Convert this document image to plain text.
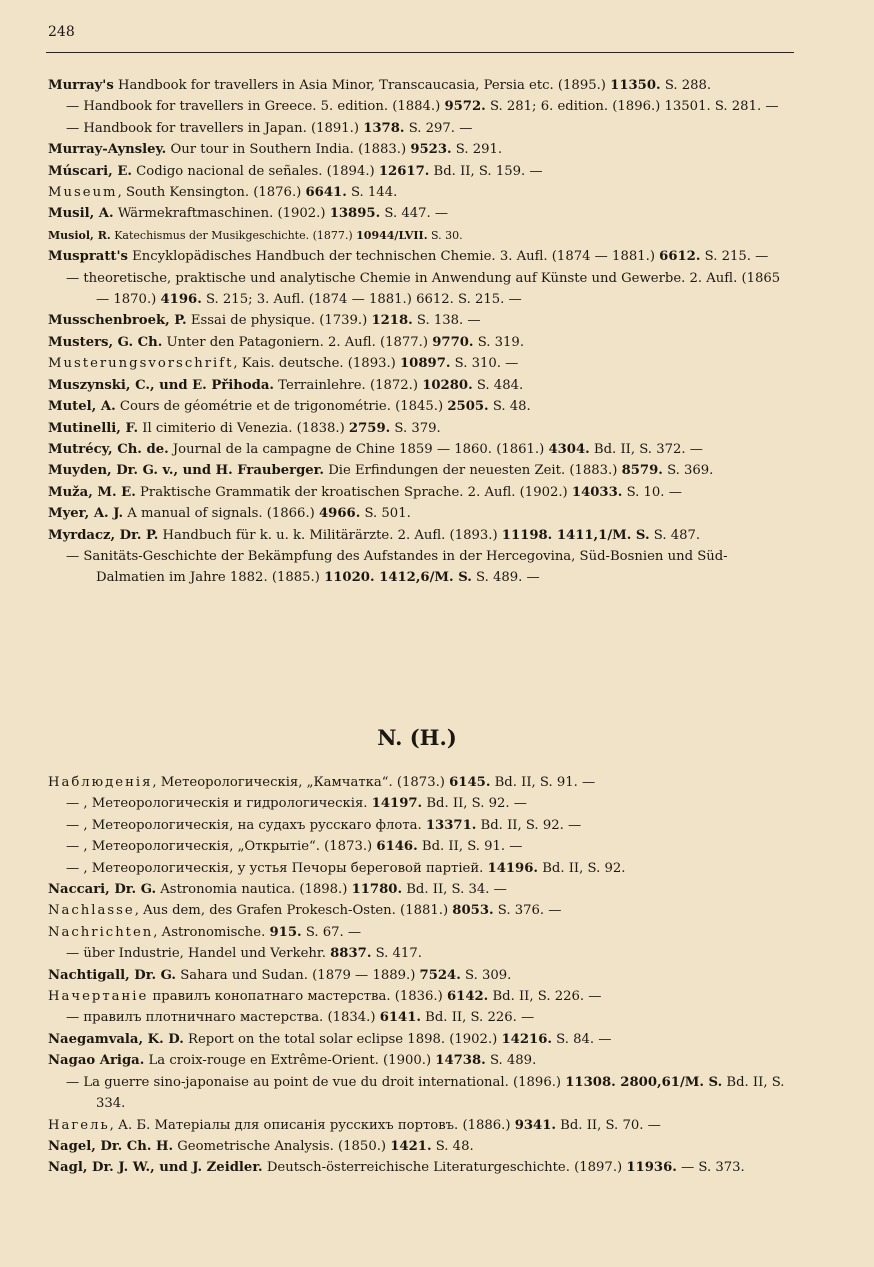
248
Murray's Handbook for travellers in Asia Minor, Transcaucasia, Persia etc. (1895.) 11350. S. 288.
— Handbook for travellers in Greece. 5. edition. (1884.) 9572. S. 281; 6. edition. (1896.) 13501. S. 281. —
— Handbook for travellers in Japan. (1891.) 1378. S. 297. —
Murray-Aynsley. Our tour in Southern India. (1883.) 9523. S. 291.
Múscari, E. Codigo nacional de señales. (1894.) 12617. Bd. II, S. 159. —
Museum, South Kensington. (1876.) 6641. S. 144.
Musil, A. Wärmekraftmaschinen. (1902.) 13895. S. 447. —
Musiol, R. Katechismus der Musikgeschichte. (1877.) 10944/LVII. S. 30.
Muspratt's Encyklopädisches Handbuch der technischen Chemie. 3. Aufl. (1874 — 1881.) 6612. S. 215. —
— theoretische, praktische und analytische Chemie in Anwendung auf Künste und Gewerbe. 2. Aufl. (1865 — 1870.) 4196. S. 215; 3. Aufl. (1874 — 1881.) 6612. S. 215. —
Musschenbroek, P. Essai de physique. (1739.) 1218. S. 138. —
Musters, G. Ch. Unter den Patagoniern. 2. Aufl. (1877.) 9770. S. 319.
Musterungsvorschrift, Kais. deutsche. (1893.) 10897. S. 310. —
Muszynski, C., und E. Přihoda. Terrainlehre. (1872.) 10280. S. 484.
Mutel, A. Cours de géométrie et de trigonométrie. (1845.) 2505. S. 48.
Mutinelli, F. Il cimiterio di Venezia. (1838.) 2759. S. 379.
Mutrécy, Ch. de. Journal de la campagne de Chine 1859 — 1860. (1861.) 4304. Bd. II, S. 372. —
Muyden, Dr. G. v., und H. Frauberger. Die Erfindungen der neuesten Zeit. (1883.) 8579. S. 369.
Muža, M. E. Praktische Grammatik der kroatischen Sprache. 2. Aufl. (1902.) 14033. S. 10. —
Myer, A. J. A manual of signals. (1866.) 4966. S. 501.
Myrdacz, Dr. P. Handbuch für k. u. k. Militärärzte. 2. Aufl. (1893.) 11198. 1411,1/M. S. S. 487.
— Sanitäts-Geschichte der Bekämpfung des Aufstandes in der Hercegovina, Süd-Bosnien und Süd-Dalmatien im Jahre 1882. (1885.) 11020. 1412,6/M. S. S. 489. —
N. (H.)
Наблюденія, Метеорологическія, „Камчатка“. (1873.) 6145. Bd. II, S. 91. —
— , Метеорологическія и гидрологическія. 14197. Bd. II, S. 92. —
— , Метеорологическія, на судахъ русскаго флота. 13371. Bd. II, S. 92. —
— , Метеорологическія, „Открытіе“. (1873.) 6146. Bd. II, S. 91. —
— , Метеорологическія, у устья Печоры береговой партіей. 14196. Bd. II, S. 92.
Naccari, Dr. G. Astronomia nautica. (1898.) 11780. Bd. II, S. 34. —
Nachlasse, Aus dem, des Grafen Prokesch-Osten. (1881.) 8053. S. 376. —
Nachrichten, Astronomische. 915. S. 67. —
— über Industrie, Handel und Verkehr. 8837. S. 417.
Nachtigall, Dr. G. Sahara und Sudan. (1879 — 1889.) 7524. S. 309.
Начертаніе правилъ конопатнаго мастерства. (1836.) 6142. Bd. II, S. 226. —
— правилъ плотничнаго мастерства. (1834.) 6141. Bd. II, S. 226. —
Naegamvala, K. D. Report on the total solar eclipse 1898. (1902.) 14216. S. 84. —
Nagao Ariga. La croix-rouge en Extrême-Orient. (1900.) 14738. S. 489.
— La guerre sino-japonaise au point de vue du droit international. (1896.) 11308. 2800,61/M. S. Bd. II, S. 334.
Нагель, А. Б. Матеріалы для описанія русскихъ портовъ. (1886.) 9341. Bd. II, S. 70. —
Nagel, Dr. Ch. H. Geometrische Analysis. (1850.) 1421. S. 48.
Nagl, Dr. J. W., und J. Zeidler. Deutsch-österreichische Literaturgeschichte. (1897.) 11936. — S. 373.
